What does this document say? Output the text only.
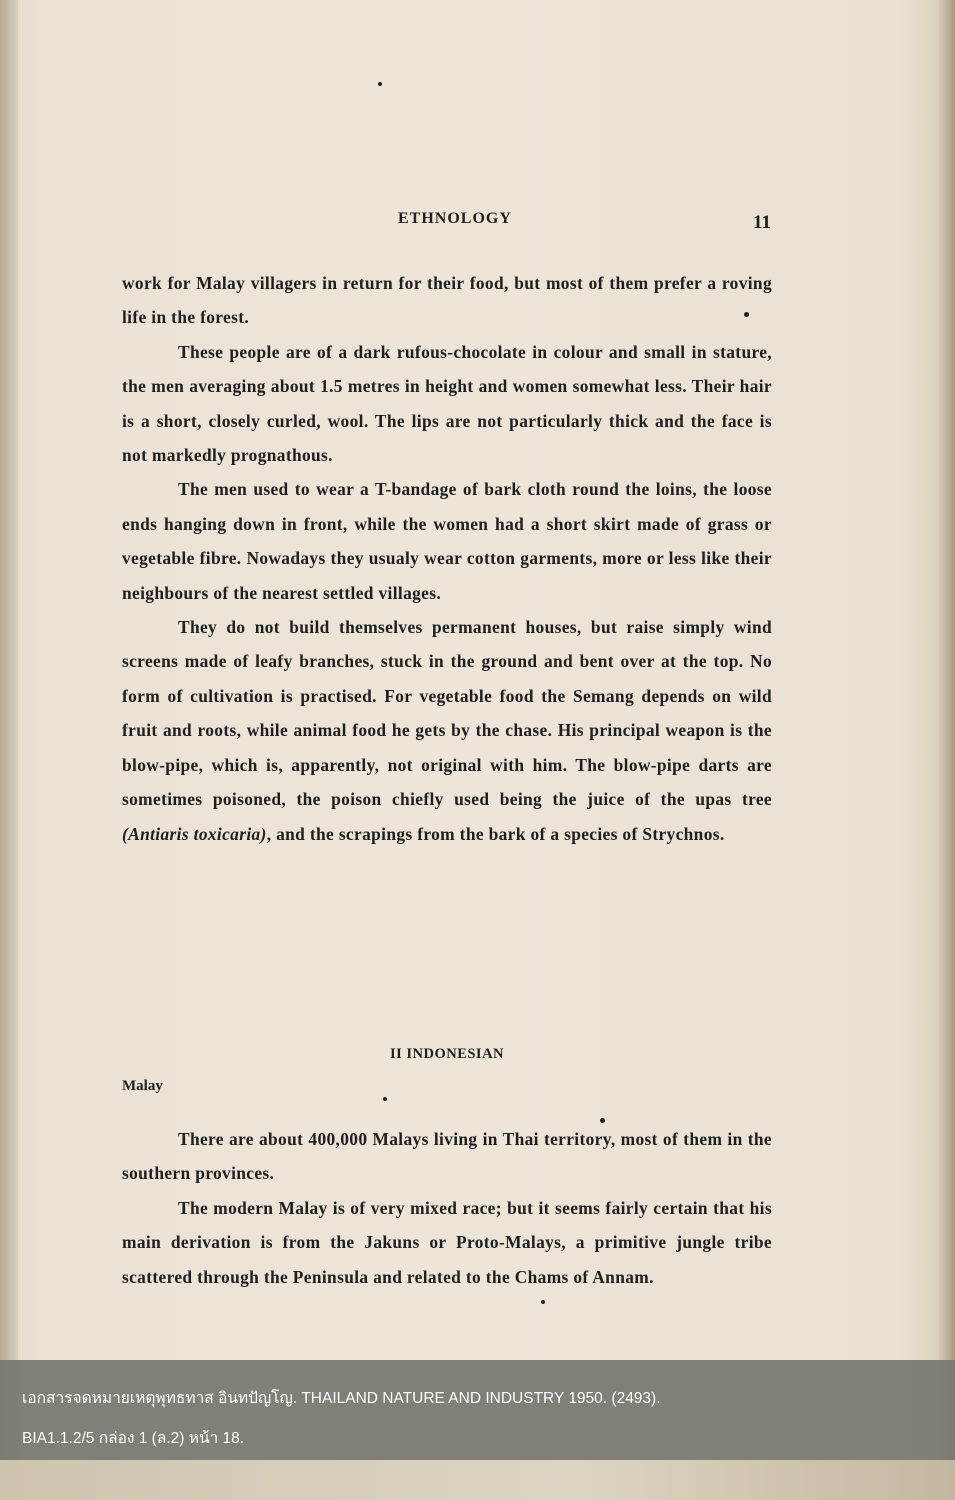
ETHNOLOGY	11

work for Malay villagers in return for their food, but most of them prefer a roving life in the forest.

These people are of a dark rufous-chocolate in colour and small in stature, the men averaging about 1.5 metres in height and women somewhat less. Their hair is a short, closely curled, wool. The lips are not particularly thick and the face is not markedly prognathous.

The men used to wear a T-bandage of bark cloth round the loins, the loose ends hanging down in front, while the women had a short skirt made of grass or vegetable fibre. Nowadays they usualy wear cotton garments, more or less like their neighbours of the nearest settled villages.

They do not build themselves permanent houses, but raise simply wind screens made of leafy branches, stuck in the ground and bent over at the top. No form of cultivation is practised. For vegetable food the Semang depends on wild fruit and roots, while animal food he gets by the chase. His principal weapon is the blow-pipe, which is, apparently, not original with him. The blow-pipe darts are sometimes poisoned, the poison chiefly used being the juice of the upas tree (Antiaris toxicaria), and the scrapings from the bark of a species of Strychnos.

II INDONESIAN
Malay

There are about 400,000 Malays living in Thai territory, most of them in the southern provinces.

The modern Malay is of very mixed race; but it seems fairly certain that his main derivation is from the Jakuns or Proto-Malays, a primitive jungle tribe scattered through the Peninsula and related to the Chams of Annam.

เอกสารจดหมายเหตุพุทธทาส อินทปัญโญ. THAILAND NATURE AND INDUSTRY 1950. (2493).
BIA1.1.2/5 กล่อง 1 (ล.2) หน้า 18.
